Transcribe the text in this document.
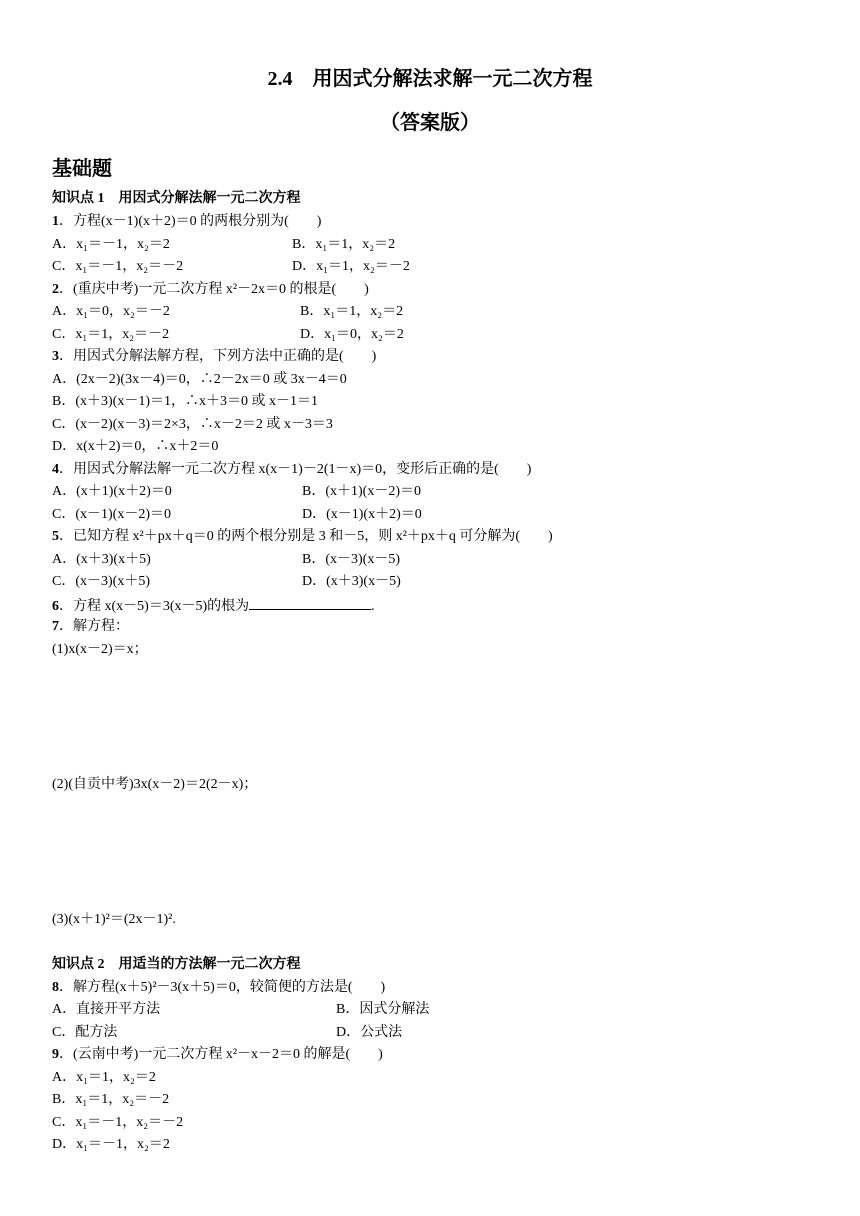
2.4　用因式分解法求解一元二次方程
（答案版）
基础题
知识点 1　用因式分解法解一元二次方程
1．方程(x－1)(x＋2)＝0 的两根分别为(　　)
A．x₁＝－1，x₂＝2	B．x₁＝1，x₂＝2
C．x₁＝－1，x₂＝－2	D．x₁＝1，x₂＝－2
2．(重庆中考)一元二次方程 x²－2x＝0 的根是(　　)
A．x₁＝0，x₂＝－2	B．x₁＝1，x₂＝2
C．x₁＝1，x₂＝－2	D．x₁＝0，x₂＝2
3．用因式分解法解方程，下列方法中正确的是(　　)
A．(2x－2)(3x－4)＝0，∴2－2x＝0 或 3x－4＝0
B．(x＋3)(x－1)＝1，∴x＋3＝0 或 x－1＝1
C．(x－2)(x－3)＝2×3，∴x－2＝2 或 x－3＝3
D．x(x＋2)＝0，∴x＋2＝0
4．用因式分解法解一元二次方程 x(x－1)－2(1－x)＝0，变形后正确的是(　　)
A．(x＋1)(x＋2)＝0	B．(x＋1)(x－2)＝0
C．(x－1)(x－2)＝0	D．(x－1)(x＋2)＝0
5．已知方程 x²＋px＋q＝0 的两个根分别是 3 和－5，则 x²＋px＋q 可分解为(　　)
A．(x＋3)(x＋5)	B．(x－3)(x－5)
C．(x－3)(x＋5)	D．(x＋3)(x－5)
6．方程 x(x－5)＝3(x－5)的根为	.
7．解方程：
(1)x(x－2)＝x；
(2)(自贡中考)3x(x－2)＝2(2－x)；
(3)(x＋1)²＝(2x－1)².
知识点 2　用适当的方法解一元二次方程
8．解方程(x＋5)²－3(x＋5)＝0，较简便的方法是(　　)
A．直接开平方法	B．因式分解法
C．配方法	D．公式法
9．(云南中考)一元二次方程 x²－x－2＝0 的解是(　　)
A．x₁＝1，x₂＝2
B．x₁＝1，x₂＝－2
C．x₁＝－1，x₂＝－2
D．x₁＝－1，x₂＝2
